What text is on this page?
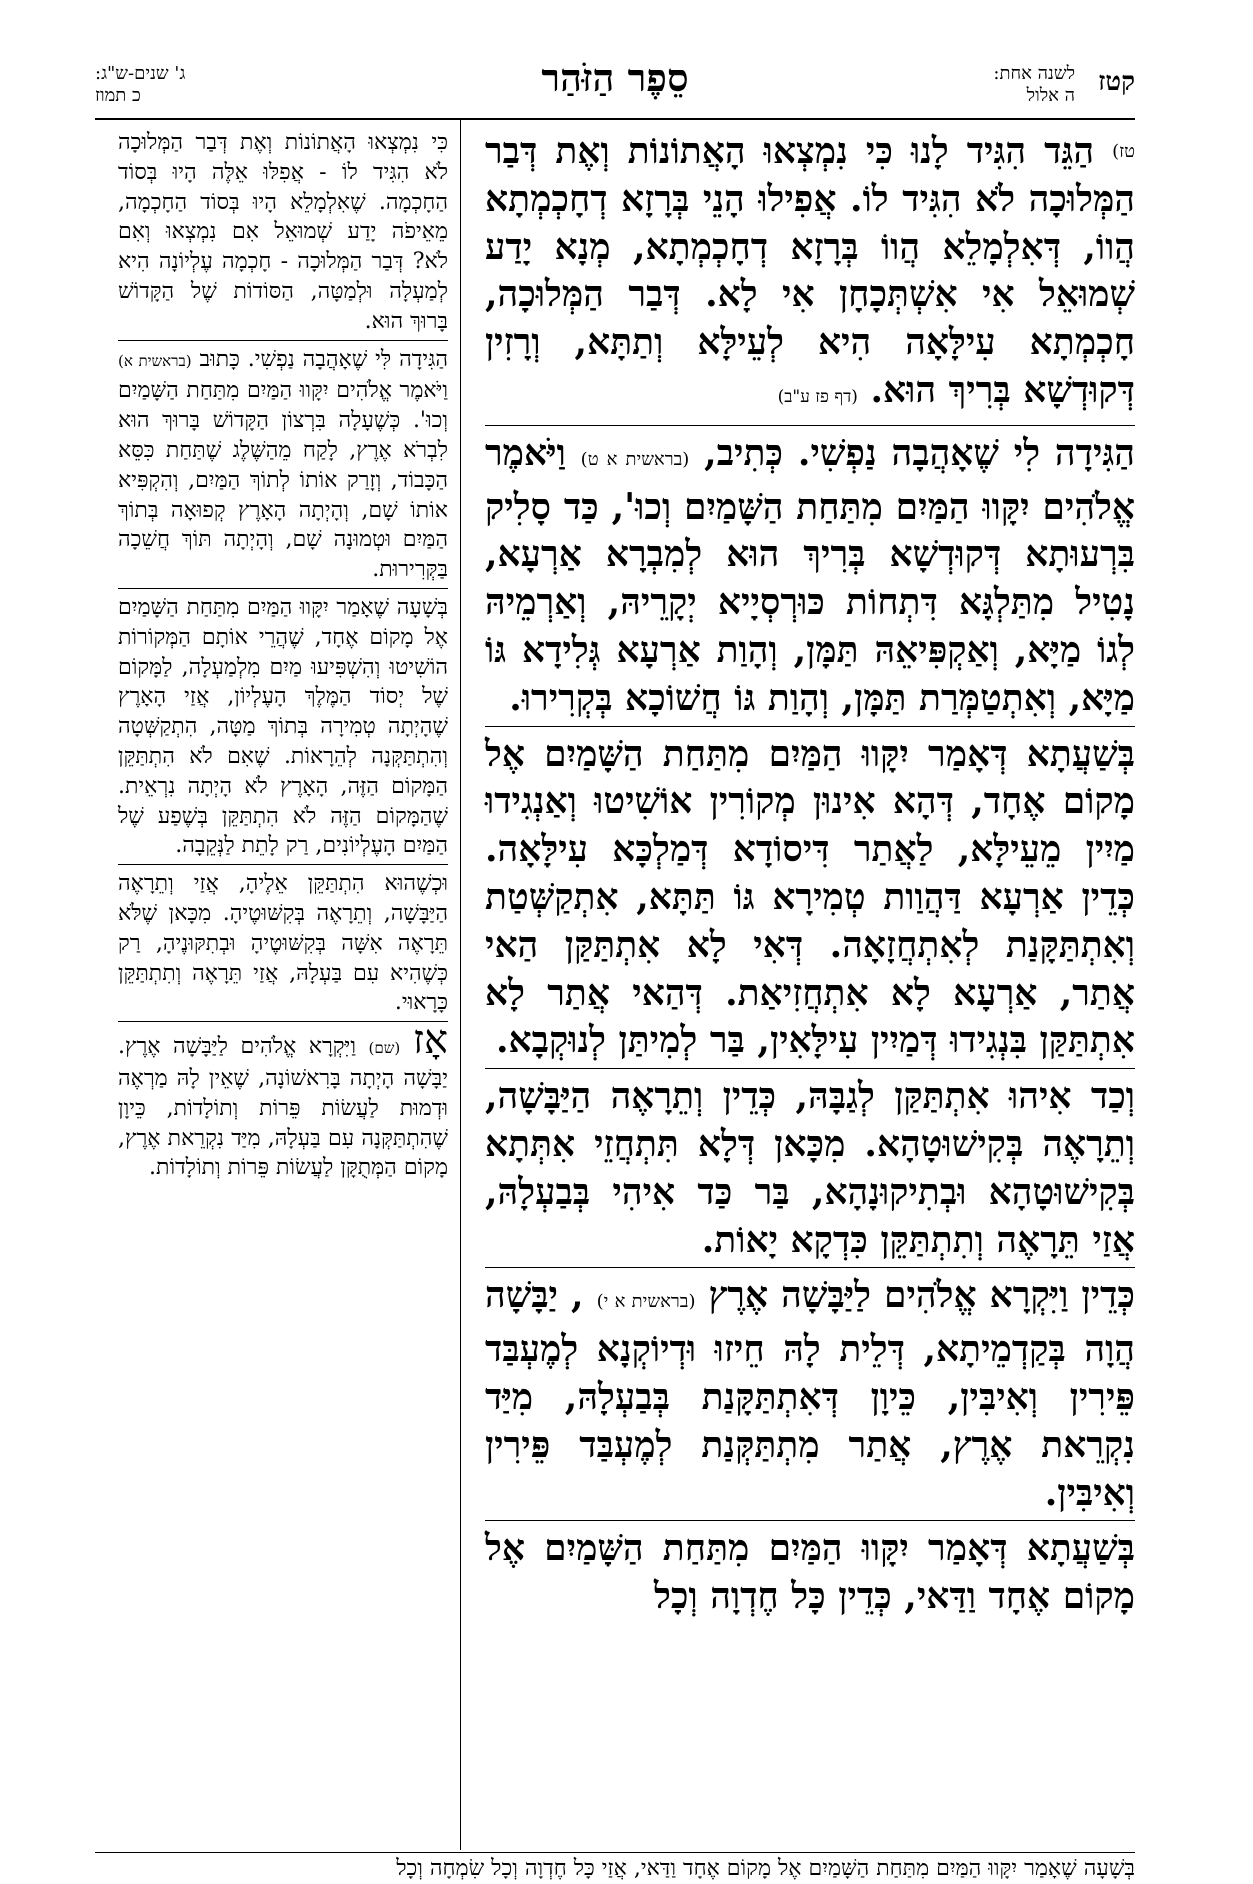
קטז
לשנה אחת:
ה אלול
סֵפֶר הַזֹּהַר
ג' שנים-ש"ג:
כ תמוז

$^{טז)}$ הַגֵּד הִגִּיד לָנוּ כִּי נִמְצְאוּ הָאֲתוֹנוֹת וְאֶת דְּבַר הַמְּלוּכָה לֹא הִגִּיד לוֹ. אֲפִילוּ הָנֵי בְּרָזָא דְחָכְמְתָא הֲווֹ, דְּאִלְמָלֵא הֲווֹ בְּרָזָא דְחָכְמְתָא, מְנָא יָדַע שְׁמוּאֵל אִי אִשְׁתְּכָחָן אִי לָא. דְּבַר הַמְּלוּכָה, חָכְמְתָא עִילָּאָה הִיא לְעֵילָּא וְתַתָּא, וְרָזִין דְּקוּדְשָׁא בְּרִיךְ הוּא. (דף פז ע"ב)

הַגִּידָה לִי שֶׁאָהֲבָה נַפְשִׁי. כְּתִיב, (בראשית א ט) וַיֹּאמֶר אֱלֹהִים יִקָּווּ הַמַּיִם מִתַּחַת הַשָּׁמַיִם וְכוּ', כַּד סָלִיק בִּרְעוּתָא דְּקוּדְשָׁא בְּרִיךְ הוּא לְמִבְרָא אַרְעָא, נָטִיל מִתַּלְגָּא דִּתְחוֹת כּוּרְסְיָיא יְקָרֵיהּ, וְאַרְמֵיהּ לְגוֹ מַיָּא, וְאַקְפִּיאֵהּ תַּמָּן, וְהָוַת אַרְעָא גְּלִידָא גּוֹ מַיָּא, וְאִתְטַמְּרַת תַּמָּן, וְהָוַת גּוֹ חֲשׁוֹכָא בְּקְרִירוּ.

בְּשַׁעֲתָא דְּאָמַר יִקָּווּ הַמַּיִם מִתַּחַת הַשָּׁמַיִם אֶל מָקוֹם אֶחָד, דְּהָא אִינוּן מְקוֹרִין אוֹשִׁיטוּ וְאַנְגִידוּ מַיִין מֵעֵילָּא, לַאֲתַר דִּיסוֹדָא דְּמַלְכָּא עִילָּאָה. כְּדֵין אַרְעָא דַּהֲוַות טְמִירָא גּוֹ תַּתָּא, אִתְקַשְּׁטַת וְאִתְתַּקָּנַת לְאִתְחֲזָאָה. דְּאִי לָא אִתְתַּקַּן הַאי אֲתַר, אַרְעָא לָא אִתְחֲזִיאַת. דְּהַאי אֲתַר לָא אִתְתַּקַּן בִּנְגִידוּ דְּמַיִין עִילָּאִין, בַּר לְמִיתַּן לְנוּקְבָא.

וְכַד אִיהוּ אִתְתַּקַּן לְגַבָּהּ, כְּדֵין וְתֵרָאֶה הַיַּבָּשָׁה, וְתֵרָאֶה בְּקִישׁוּטָהָא. מִכָּאן דְּלָא תִּתְחֲזֵי אִתְּתָא בְּקִישׁוּטָהָא וּבְתִיקוּנָהָא, בַּר כַּד אִיהִי בְּבַעְלָהּ, אֲזַי תֵּרָאֶה וְתִתְתַּקֵּן כִּדְקָא יָאוֹת.

כְּדֵין וַיִּקְרָא אֱלֹהִים לַיַּבָּשָׁה אֶרֶץ (בראשית א י) , יַבָּשָׁה הֲוָה בְּקַדְמֵיתָא, דְּלֵית לָהּ חֵיזוּ וּדְיוֹקְנָא לְמֶעְבַּד פֵּירִין וְאִיבִּין, כֵּיוָן דְּאִתְתַּקָּנַת בְּבַעְלָהּ, מִיַּד נִקְרֵאת אֶרֶץ, אֲתַר מִתְתַּקְּנַת לְמֶעְבַּד פֵּירִין וְאִיבִּין.

בְּשַׁעֲתָא דְּאָמַר יִקָּווּ הַמַּיִם מִתַּחַת הַשָּׁמַיִם אֶל מָקוֹם אֶחָד וַדַּאי, כְּדֵין כָּל חֶדְוָה וְכָל

כִּי נִמְצְאוּ הָאֲתוֹנוֹת וְאֶת דְּבַר הַמְּלוּכָה לֹא הִגִּיד לוֹ - אֲפִלּוּ אֵלֶּה הָיוּ בְּסוֹד הַחָכְמָה. שֶׁאִלְמָלֵא הָיוּ בְּסוֹד הַחָכְמָה, מֵאֵיפֹה יָדַע שְׁמוּאֵל אִם נִמְצְאוּ וְאִם לֹא? דְּבַר הַמְּלוּכָה - חָכְמָה עֶלְיוֹנָה הִיא לְמַעְלָה וּלְמַטָּה, הַסּוֹדוֹת שֶׁל הַקָּדוֹשׁ בָּרוּךְ הוּא.

הַגִּידָה לִּי שֶׁאָהֲבָה נַפְשִׁי. כָּתוּב (בראשית א) וַיֹּאמֶר אֱלֹהִים יִקָּווּ הַמַּיִם מִתַּחַת הַשָּׁמַיִם וְכוּ'. כְּשֶׁעָלָה בִּרְצוֹן הַקָּדוֹשׁ בָּרוּךְ הוּא לִבְרֹא אֶרֶץ, לָקַח מֵהַשֶּׁלֶג שֶׁתַּחַת כִּסֵּא הַכָּבוֹד, וְזָרַק אוֹתוֹ לְתוֹךְ הַמַּיִם, וְהִקְפִּיא אוֹתוֹ שָׁם, וְהָיְתָה הָאָרֶץ קְפוּאָה בְּתוֹךְ הַמַּיִם וּטְמוּנָה שָׁם, וְהָיְתָה תּוֹךְ חֲשֵׁכָה בַּקְּרִירוּת.

בְּשָׁעָה שֶׁאָמַר יִקָּווּ הַמַּיִם מִתַּחַת הַשָּׁמַיִם אֶל מָקוֹם אֶחָד, שֶׁהֲרֵי אוֹתָם הַמְּקוֹרוֹת הוֹשִׁיטוּ וְהִשְׁפִּיעוּ מַיִם מִלְמַעְלָה, לַמָּקוֹם שֶׁל יְסוֹד הַמֶּלֶךְ הָעֶלְיוֹן, אֲזַי הָאָרֶץ שֶׁהָיְתָה טְמִירָה בְּתוֹךְ מַטָּה, הִתְקַשְּׁטָה וְהִתְתַּקְּנָה לְהֵרָאוֹת. שֶׁאִם לֹא הִתְתַּקֵּן הַמָּקוֹם הַזֶּה, הָאָרֶץ לֹא הָיְתָה נִרְאֵית. שֶׁהַמָּקוֹם הַזֶּה לֹא הִתְתַּקֵּן בְּשֶׁפַע שֶׁל הַמַּיִם הָעֶלְיוֹנִים, רַק לָתֵת לַנְּקֵבָה.

וּכְשֶׁהוּא הִתְתַּקֵּן אֵלֶיהָ, אֲזַי וְתֵרָאֶה הַיַּבָּשָׁה, וְתֵרָאֶה בְּקִשּׁוּטֶיהָ. מִכָּאן שֶׁלֹּא תֵּרָאֶה אִשָּׁה בְּקִשּׁוּטֶיהָ וּבְתִקּוּנֶיהָ, רַק כְּשֶׁהִיא עִם בַּעְלָהּ, אֲזַי תֵּרָאֶה וְתִתְתַּקֵּן כָּרָאוּי.

אָז (שם) וַיִּקְרָא אֱלֹהִים לַיַּבָּשָׁה אֶרֶץ. יַבָּשָׁה הָיְתָה בָּרִאשׁוֹנָה, שֶׁאֵין לָהּ מַרְאֶה וּדְמוּת לַעֲשׂוֹת פֵּרוֹת וְתוֹלָדוֹת, כֵּיוָן שֶׁהִתְתַּקְּנָה עִם בַּעְלָהּ, מִיַּד נִקְרֵאת אֶרֶץ, מָקוֹם הַמְּתֻקָּן לַעֲשׂוֹת פֵּרוֹת וְתוֹלָדוֹת.

בְּשָׁעָה שֶׁאָמַר יִקָּווּ הַמַּיִם מִתַּחַת הַשָּׁמַיִם אֶל מָקוֹם אֶחָד וַדַּאי, אֲזַי כָּל חֶדְוָה וְכָל שִׂמְחָה וְכָל
